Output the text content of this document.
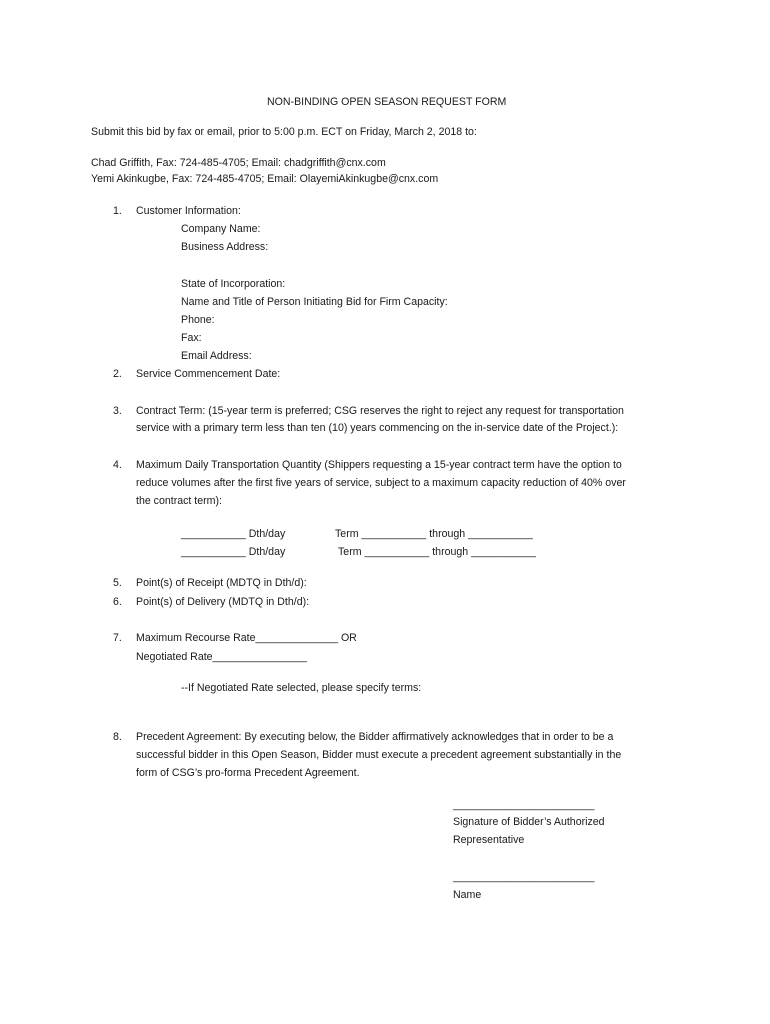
NON-BINDING OPEN SEASON REQUEST FORM
Submit this bid by fax or email, prior to 5:00 p.m. ECT on Friday, March 2, 2018 to:
Chad Griffith, Fax: 724-485-4705; Email: chadgriffith@cnx.com
Yemi Akinkugbe, Fax: 724-485-4705; Email: OlayemiAkinkugbe@cnx.com
1. Customer Information:
Company Name:
Business Address:
State of Incorporation:
Name and Title of Person Initiating Bid for Firm Capacity:
Phone:
Fax:
Email Address:
2. Service Commencement Date:
3. Contract Term: (15-year term is preferred; CSG reserves the right to reject any request for transportation
service with a primary term less than ten (10) years commencing on the in-service date of the Project.):
4. Maximum Daily Transportation Quantity (Shippers requesting a 15-year contract term have the option to
reduce volumes after the first five years of service, subject to a maximum capacity reduction of 40% over
the contract term):
___________ Dth/day	Term ___________ through ___________
___________ Dth/day	Term ___________ through ___________
5. Point(s) of Receipt (MDTQ in Dth/d):
6. Point(s) of Delivery (MDTQ in Dth/d):
7. Maximum Recourse Rate______________ OR
Negotiated Rate________________
--If Negotiated Rate selected, please specify terms:
8. Precedent Agreement: By executing below, the Bidder affirmatively acknowledges that in order to be a
successful bidder in this Open Season, Bidder must execute a precedent agreement substantially in the
form of CSG’s pro-forma Precedent Agreement.
________________________
Signature of Bidder’s Authorized
Representative
________________________
Name
